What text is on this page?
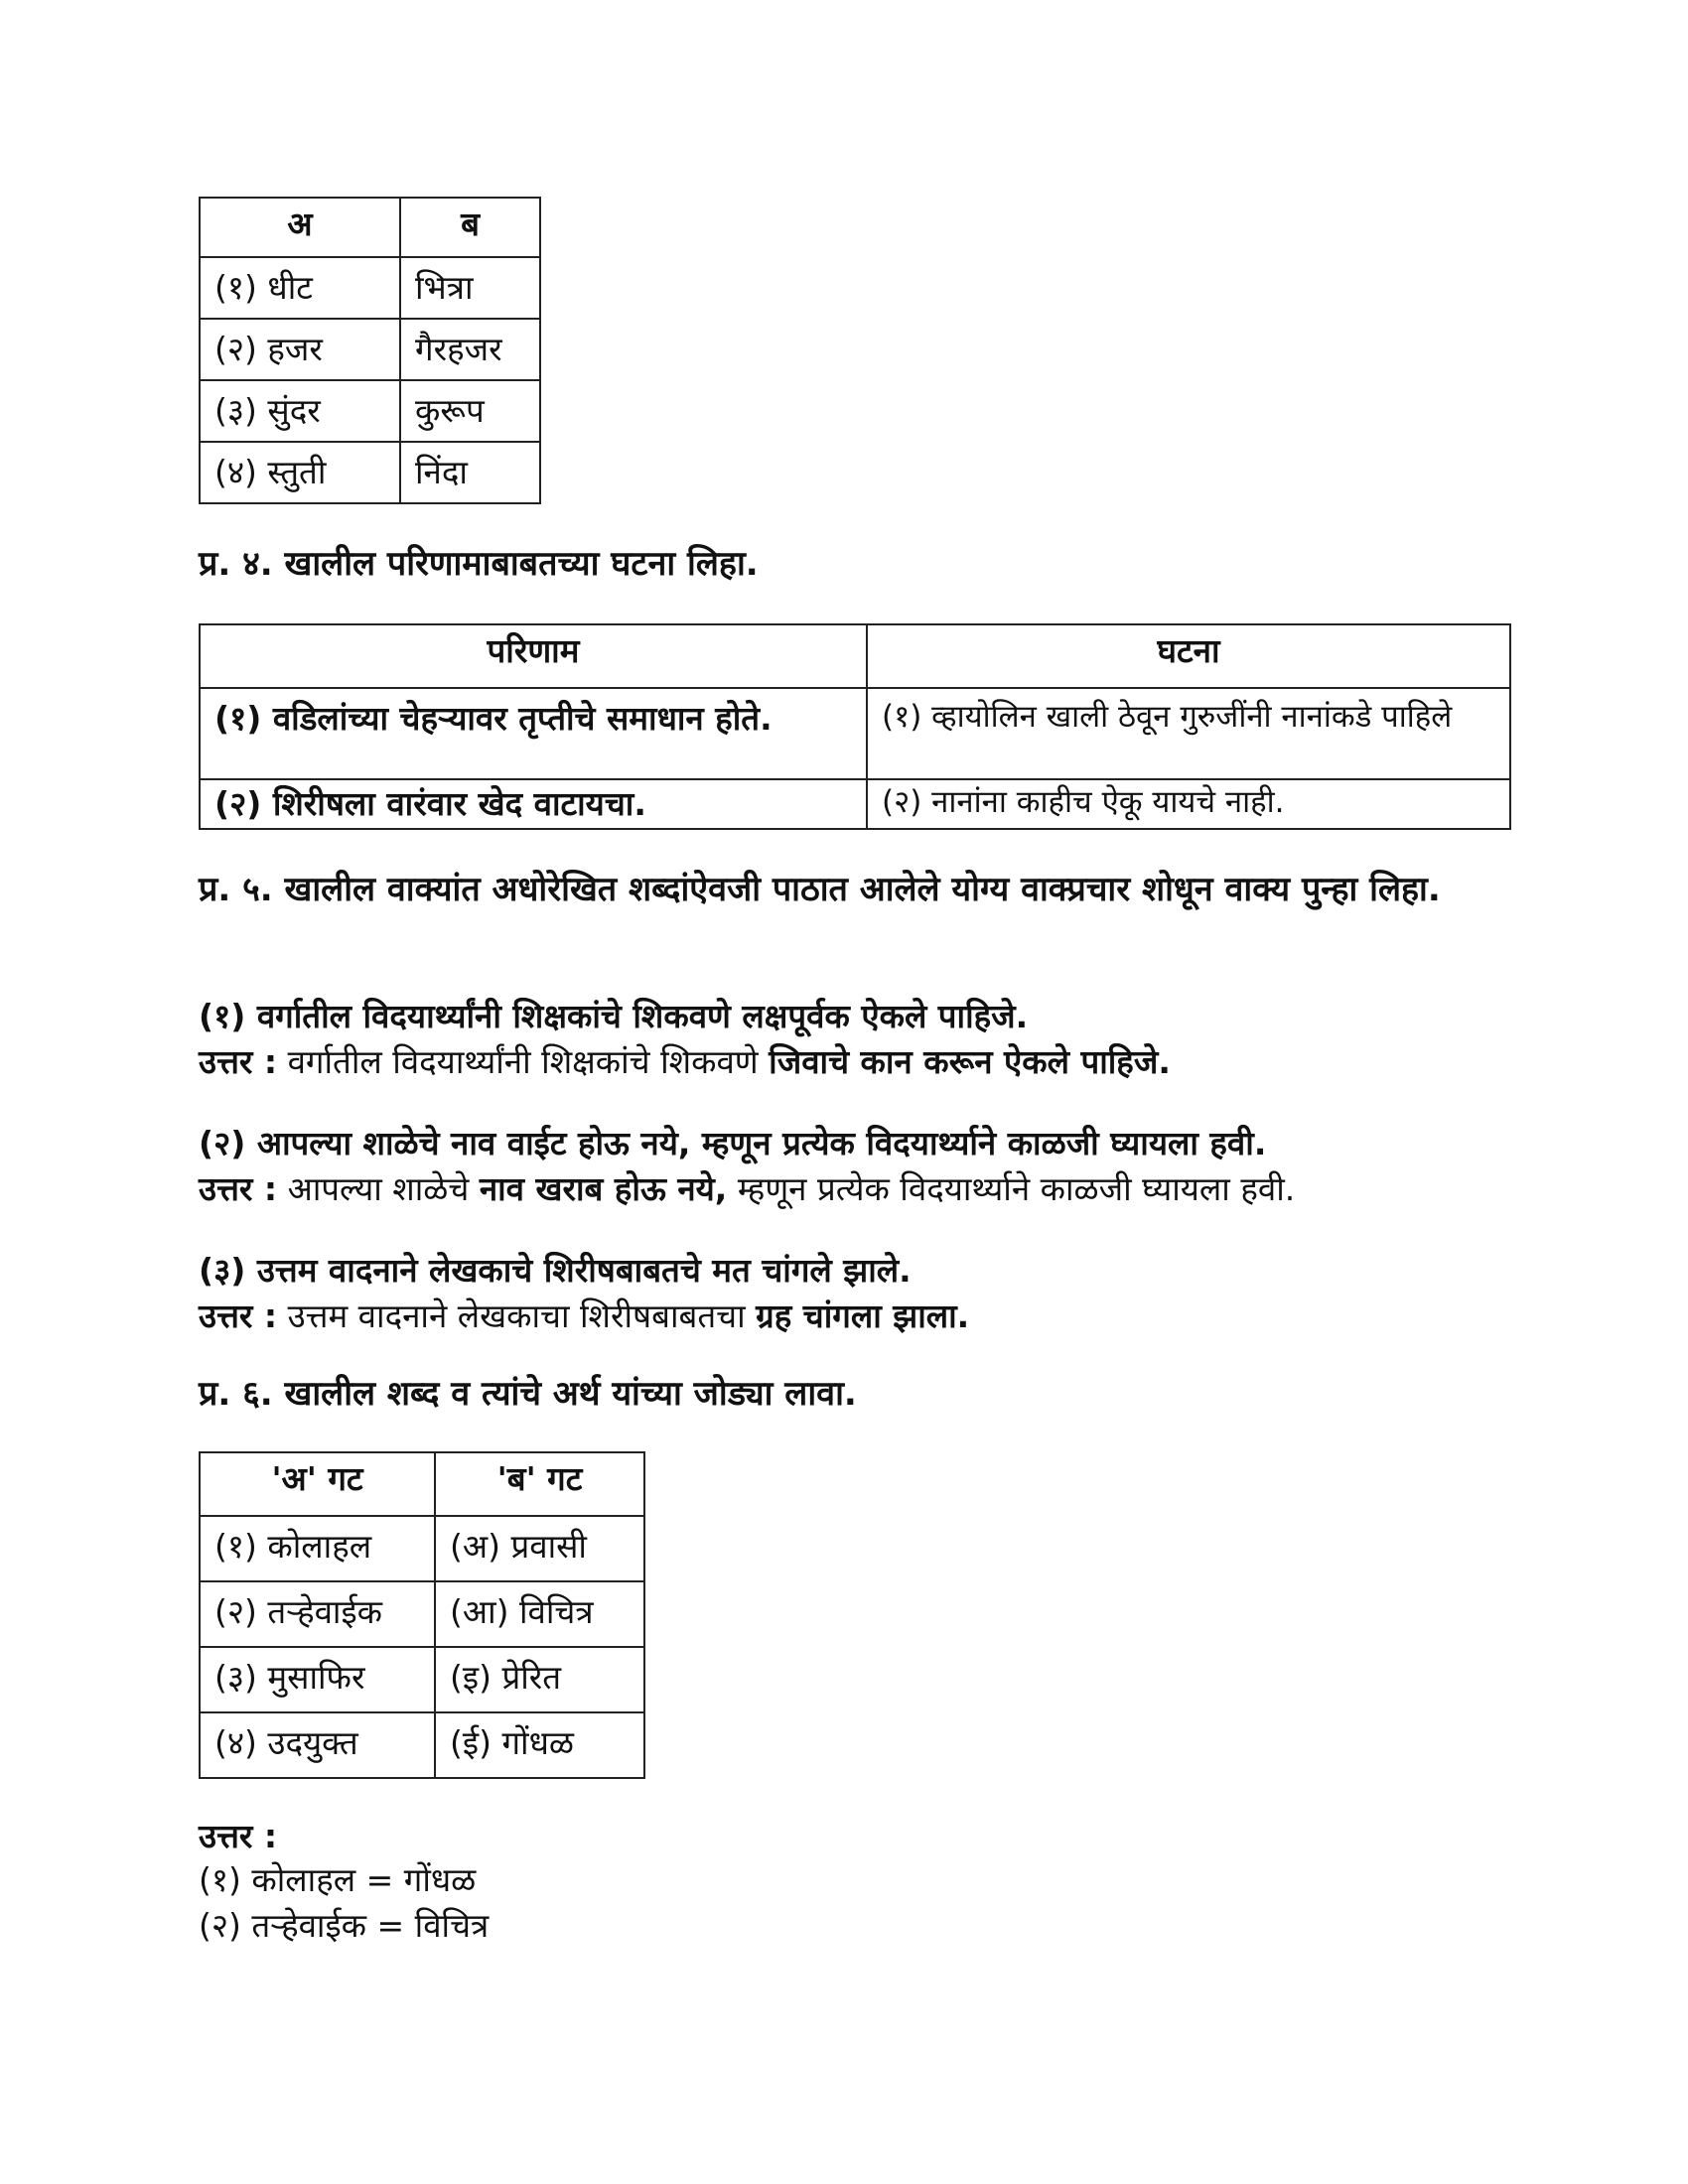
अ	ब
(१) धीट	भित्रा
(२) हजर	गैरहजर
(३) सुंदर	कुरूप
(४) स्तुती	निंदा

प्र. ४. खालील परिणामाबाबतच्या घटना लिहा.

परिणाम	घटना
(१) वडिलांच्या चेहऱ्यावर तृप्तीचे समाधान होते.	(१) व्हायोलिन खाली ठेवून गुरुजींनी नानांकडे पाहिले
(२) शिरीषला वारंवार खेद वाटायचा.	(२) नानांना काहीच ऐकू यायचे नाही.

प्र. ५. खालील वाक्यांत अधोरेखित शब्दांऐवजी पाठात आलेले योग्य वाक्प्रचार शोधून वाक्य पुन्हा लिहा.

(१) वर्गातील विदयार्थ्यांनी शिक्षकांचे शिकवणे लक्षपूर्वक ऐकले पाहिजे.

उत्तर : वर्गातील विदयार्थ्यांनी शिक्षकांचे शिकवणे जिवाचे कान करून ऐकले पाहिजे.

(२) आपल्या शाळेचे नाव वाईट होऊ नये, म्हणून प्रत्येक विदयार्थ्याने काळजी घ्यायला हवी.

उत्तर : आपल्या शाळेचे नाव खराब होऊ नये, म्हणून प्रत्येक विदयार्थ्याने काळजी घ्यायला हवी.

(३) उत्तम वादनाने लेखकाचे शिरीषबाबतचे मत चांगले झाले.

उत्तर : उत्तम वादनाने लेखकाचा शिरीषबाबतचा ग्रह चांगला झाला.

प्र. ६. खालील शब्द व त्यांचे अर्थ यांच्या जोड्या लावा.

'अ' गट	'ब' गट
(१) कोलाहल	(अ) प्रवासी
(२) तऱ्हेवाईक	(आ) विचित्र
(३) मुसाफिर	(इ) प्रेरित
(४) उदयुक्त	(ई) गोंधळ

उत्तर :

(१) कोलाहल = गोंधळ

(२) तऱ्हेवाईक = विचित्र
